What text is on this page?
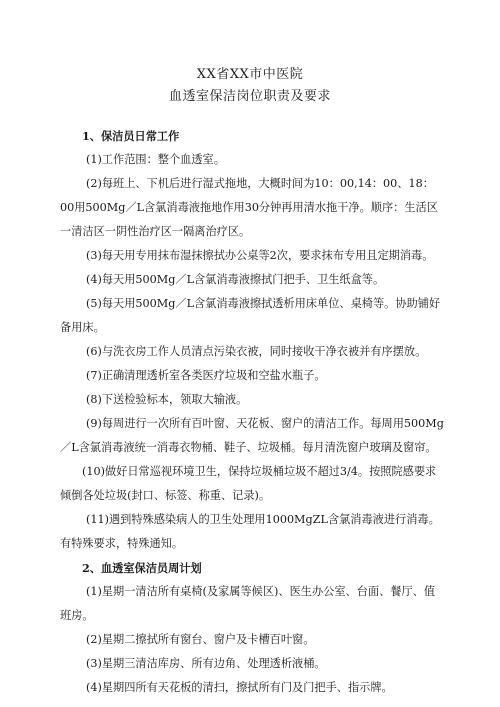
XX省XX市中医院

血透室保洁岗位职责及要求

1、保洁员日常工作
(1)工作范围：整个血透室。
(2)每班上、下机后进行湿式拖地，大概时间为10：00,14：00、18：00用500Mg／L含氯消毒液拖地作用30分钟再用清水拖干净。顺序：生活区一清洁区一阴性治疗区一隔离治疗区。
(3)每天用专用抹布湿抹擦拭办公桌等2次，要求抹布专用且定期消毒。
(4)每天用500Mg／L含氯消毒液擦拭门把手、卫生纸盒等。
(5)每天用500Mg／L含氯消毒液擦拭透析用床单位、桌椅等。协助铺好备用床。
(6)与洗衣房工作人员清点污染衣被，同时接收干净衣被并有序摆放。
(7)正确清理透析室各类医疗垃圾和空盐水瓶子。
(8)下送检验标本，领取大输液。
(9)每周进行一次所有百叶窗、天花板、窗户的清洁工作。每周用500Mg／L含氯消毒液统一消毒衣物桶、鞋子、垃圾桶。每月清洗窗户玻璃及窗帘。
(10)做好日常巡视环境卫生，保持垃圾桶垃圾不超过3/4。按照院感要求倾倒各处垃圾(封口、标签、称重、记录)。
(11)遇到特殊感染病人的卫生处理用1000MgZL含氯消毒液进行消毒。有特殊要求，特殊通知。
2、血透室保洁员周计划
(1)星期一清洁所有桌椅(及家属等候区)、医生办公室、台面、餐厅、值班房。
(2)星期二擦拭所有窗台、窗户及卡槽百叶窗。
(3)星期三清洁库房、所有边角、处理透析液桶。
(4)星期四所有天花板的清扫，擦拭所有门及门把手、指示牌。
